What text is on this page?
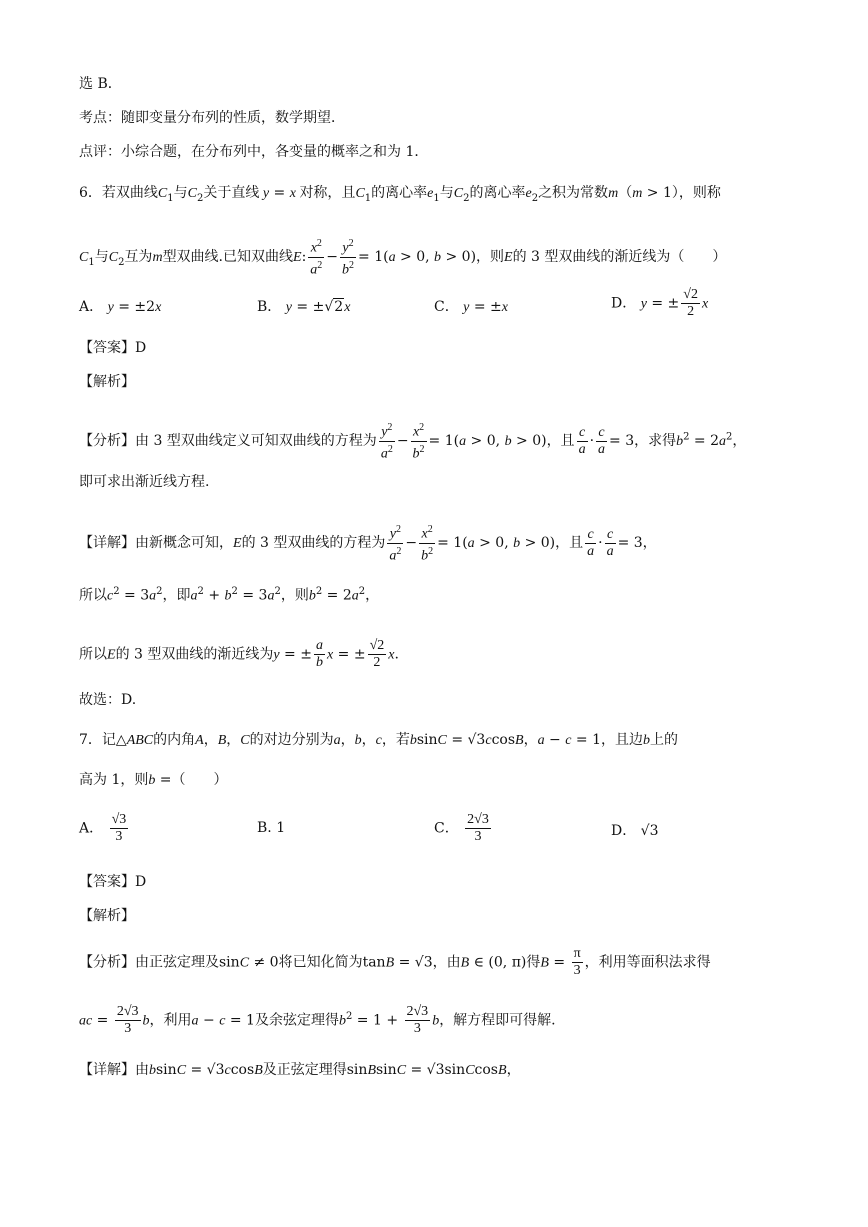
选 B．
考点：随即变量分布列的性质，数学期望．
点评：小综合题，在分布列中，各变量的概率之和为 1．
6．若双曲线$C_1$与$C_2$关于直线 y = x 对称，且$C_1$的离心率$e_1$与$C_2$的离心率$e_2$之积为常数m（m > 1），则称
$C_1$与$C_2$互为m型双曲线.已知双曲线E: $\frac{x^2}{a^2} - \frac{y^2}{b^2} = 1(a > 0$, b > 0)，则E的 3 型双曲线的渐近线为（　　）
A． y = ±2x	B． y = ±√2x	C． y = ±x	D． y = ± $\frac{√2}{2}$ x
【答案】D
【解析】
【分析】由 3 型双曲线定义可知双曲线的方程为 $\frac{y^2}{a^2} - \frac{x^2}{b^2} = 1(a > 0$, b > 0)，且 $\frac{c}{a} \cdot \frac{c}{a} = 3$，求得$b^2 = 2a^2$，
即可求出渐近线方程.
【详解】由新概念可知，E的 3 型双曲线的方程为 $\frac{y^2}{a^2} - \frac{x^2}{b^2} = 1(a > 0$, b > 0)，且 $\frac{c}{a} \cdot \frac{c}{a} = 3$，
所以$c^2 = 3a^2$，即$a^2 + b^2 = 3a^2$，则$b^2 = 2a^2$，
所以E的 3 型双曲线的渐近线为y = ± $\frac{a}{b}$ x = ± $\frac{√2}{2} x$.
故选：D.
7．记△ABC的内角A，B，C的对边分别为a，b，c，若bsinC = √3ccosB，a − c = 1，且边b上的
高为 1，则b =（　　）
A． $\frac{√3}{3}$	B. 1	C． $\frac{2√3}{3}$	D． √3
【答案】D
【解析】
【分析】由正弦定理及sinC ≠ 0将已知化简为tanB = √3，由B ∈ (0, π)得$B = \frac{\pi}{3}$ ，利用等面积法求得
ac = $\frac{2√3}{3}$ b，利用a − c = 1及余弦定理得$b^2 = 1 + \frac{2√3}{3}$ b，解方程即可得解.
【详解】由bsinC = √3ccosB及正弦定理得sinBsinC = √3sinCcosB，
